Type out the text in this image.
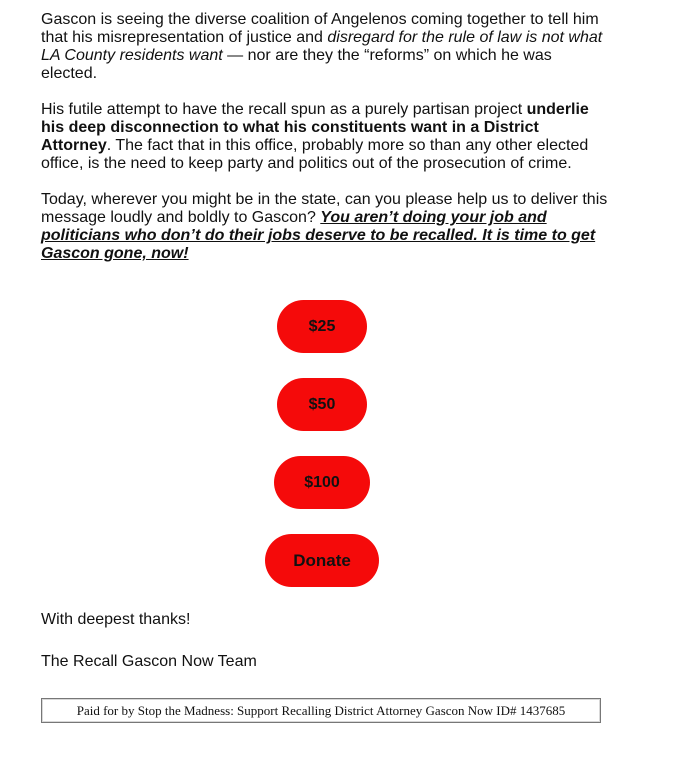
Gascon is seeing the diverse coalition of Angelenos coming together to tell him that his misrepresentation of justice and disregard for the rule of law is not what LA County residents want — nor are they the “reforms” on which he was elected.

His futile attempt to have the recall spun as a purely partisan project underlie his deep disconnection to what his constituents want in a District Attorney. The fact that in this office, probably more so than any other elected office, is the need to keep party and politics out of the prosecution of crime.

Today, wherever you might be in the state, can you please help us to deliver this message loudly and boldly to Gascon? You aren’t doing your job and politicians who don’t do their jobs deserve to be recalled. It is time to get Gascon gone, now!

$25
$50
$100
Donate

With deepest thanks!

The Recall Gascon Now Team

Paid for by Stop the Madness: Support Recalling District Attorney Gascon Now ID# 1437685
